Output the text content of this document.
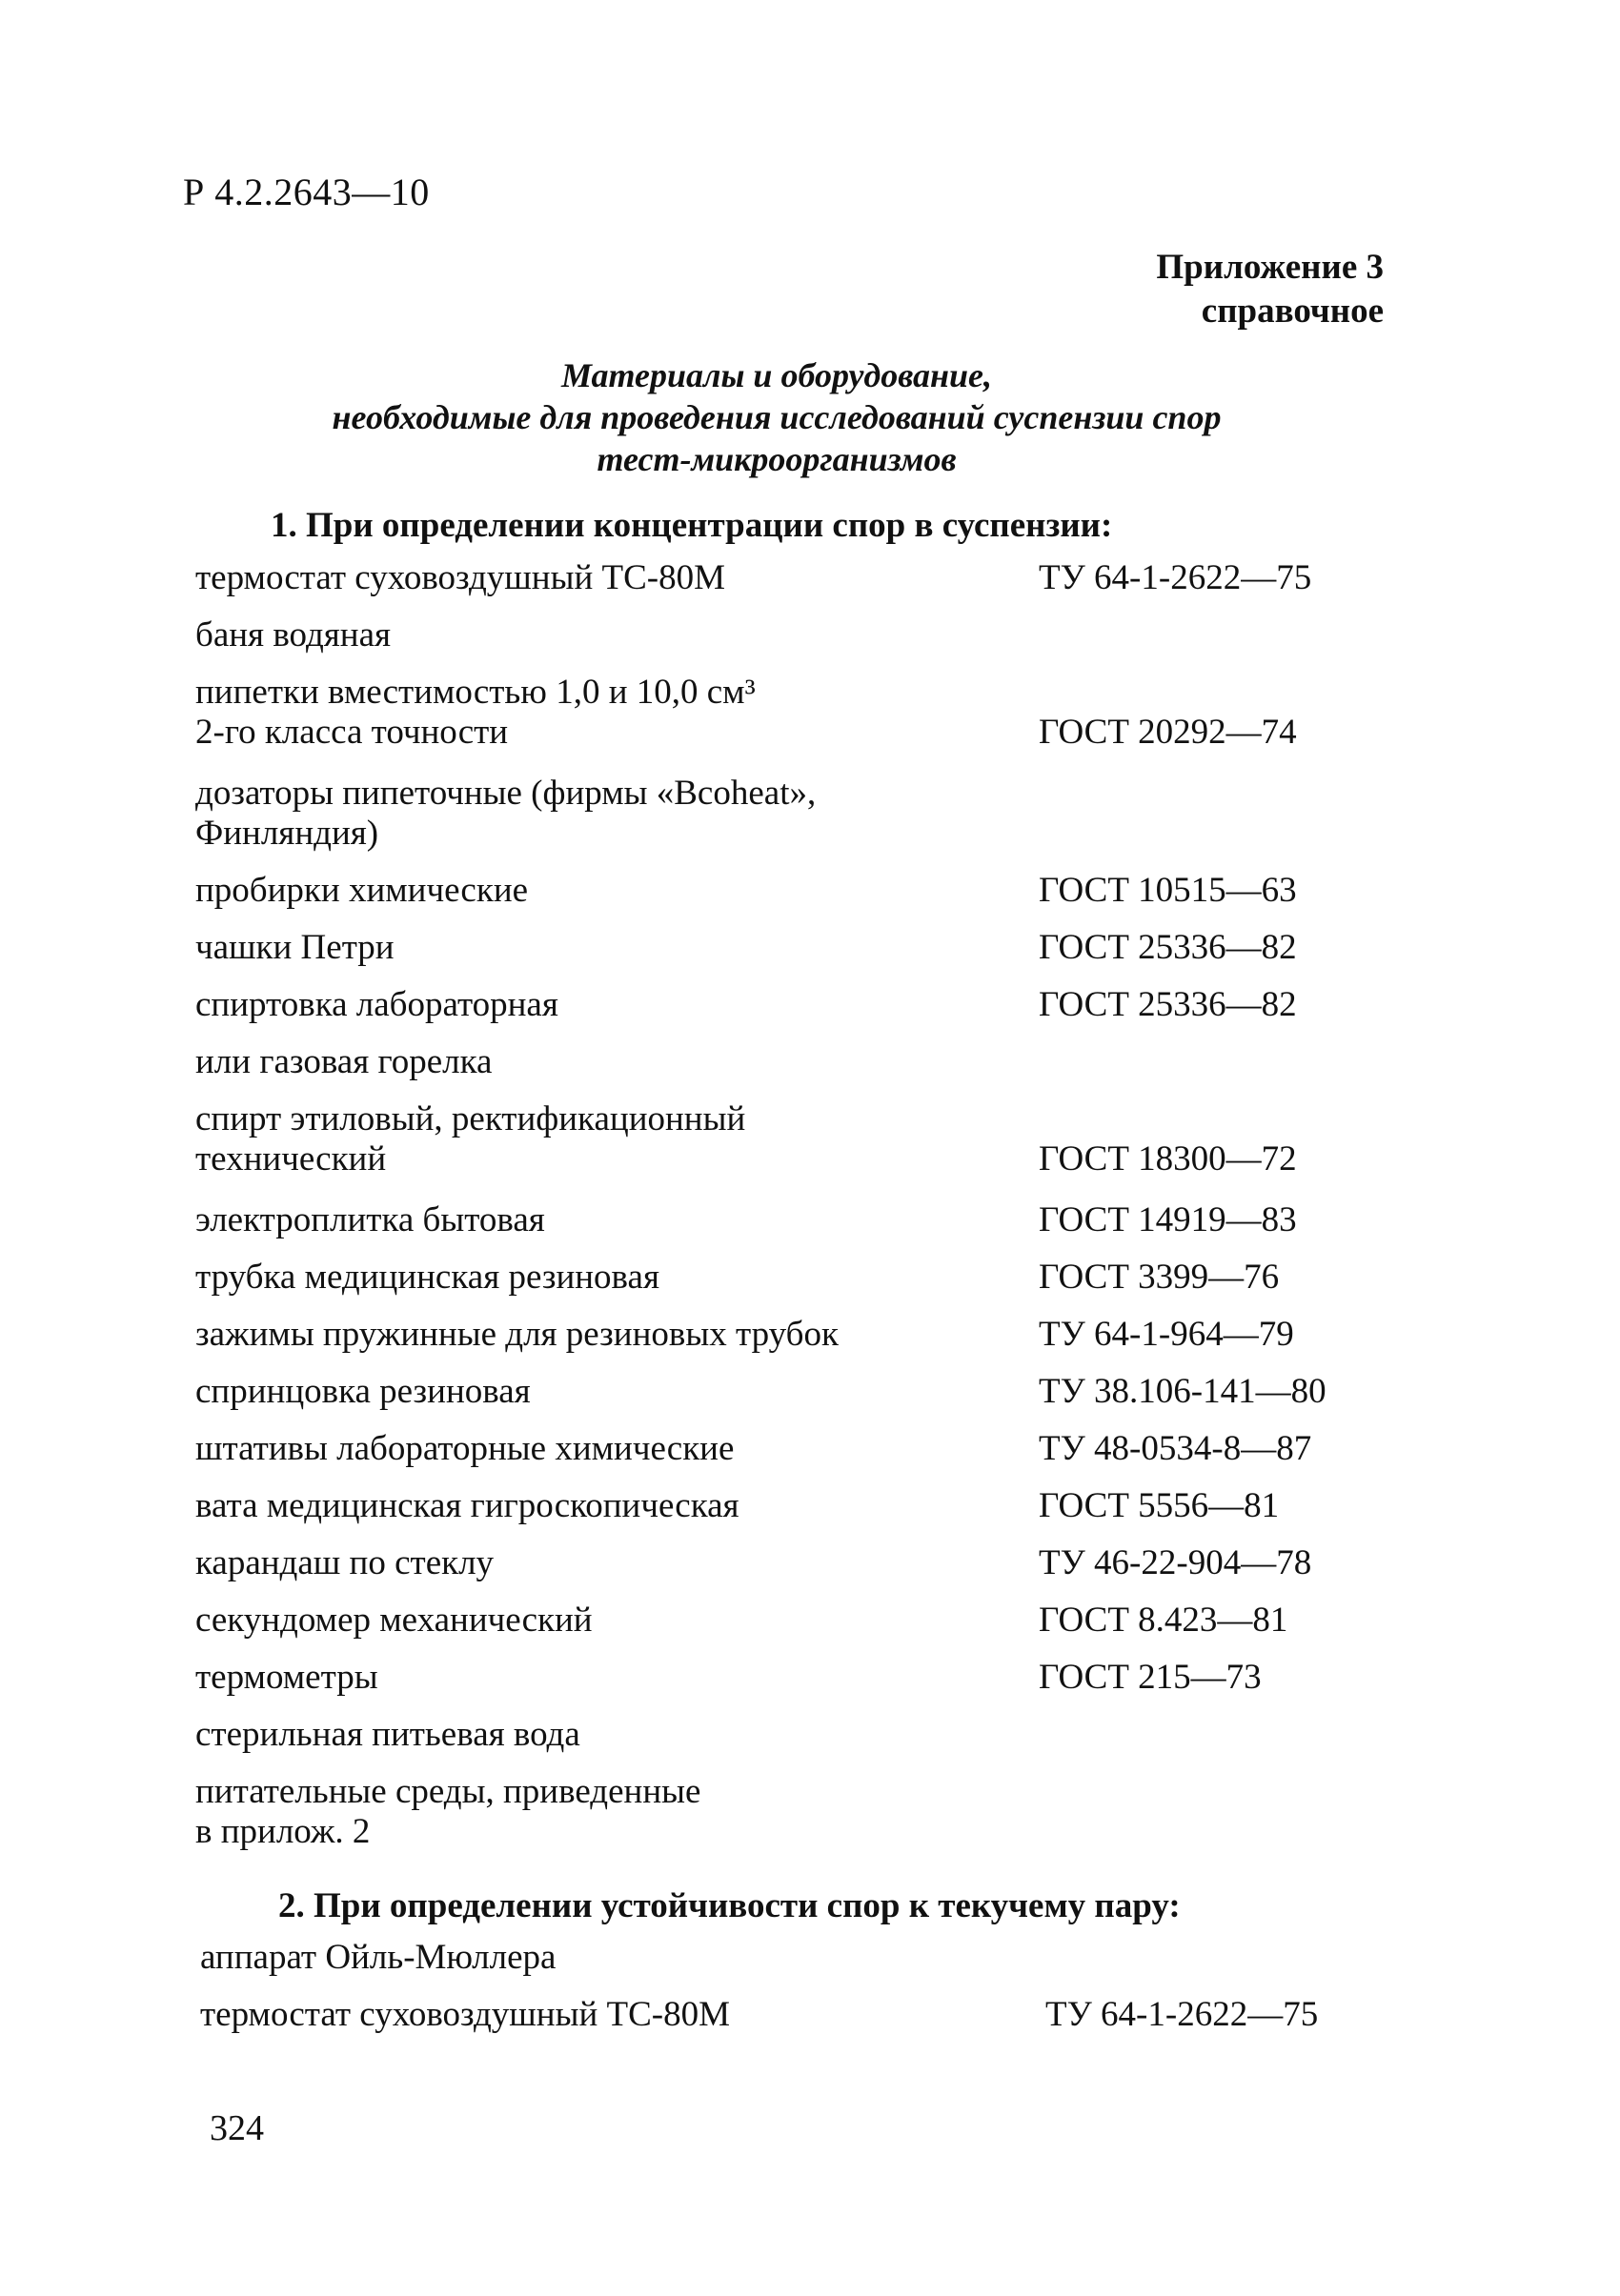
Р 4.2.2643—10
Приложение 3
справочное
Материалы и оборудование,
необходимые для проведения исследований суспензии спор
тест-микроорганизмов
1. При определении концентрации спор в суспензии:
термостат суховоздушный ТС-80М	ТУ 64-1-2622—75
баня водяная
пипетки вместимостью 1,0 и 10,0 см³
2-го класса точности	ГОСТ 20292—74
дозаторы пипеточные (фирмы «Bcoheat»,
Финляндия)
пробирки химические	ГОСТ 10515—63
чашки Петри	ГОСТ 25336—82
спиртовка лабораторная	ГОСТ 25336—82
или газовая горелка
спирт этиловый, ректификационный
технический	ГОСТ 18300—72
электроплитка бытовая	ГОСТ 14919—83
трубка медицинская резиновая	ГОСТ 3399—76
зажимы пружинные для резиновых трубок	ТУ 64-1-964—79
спринцовка резиновая	ТУ 38.106-141—80
штативы лабораторные химические	ТУ 48-0534-8—87
вата медицинская гигроскопическая	ГОСТ 5556—81
карандаш по стеклу	ТУ 46-22-904—78
секундомер механический	ГОСТ 8.423—81
термометры	ГОСТ 215—73
стерильная питьевая вода
питательные среды, приведенные
в прилож. 2
2. При определении устойчивости спор к текучему пару:
аппарат Ойль-Мюллера
термостат суховоздушный ТС-80М	ТУ 64-1-2622—75
324
